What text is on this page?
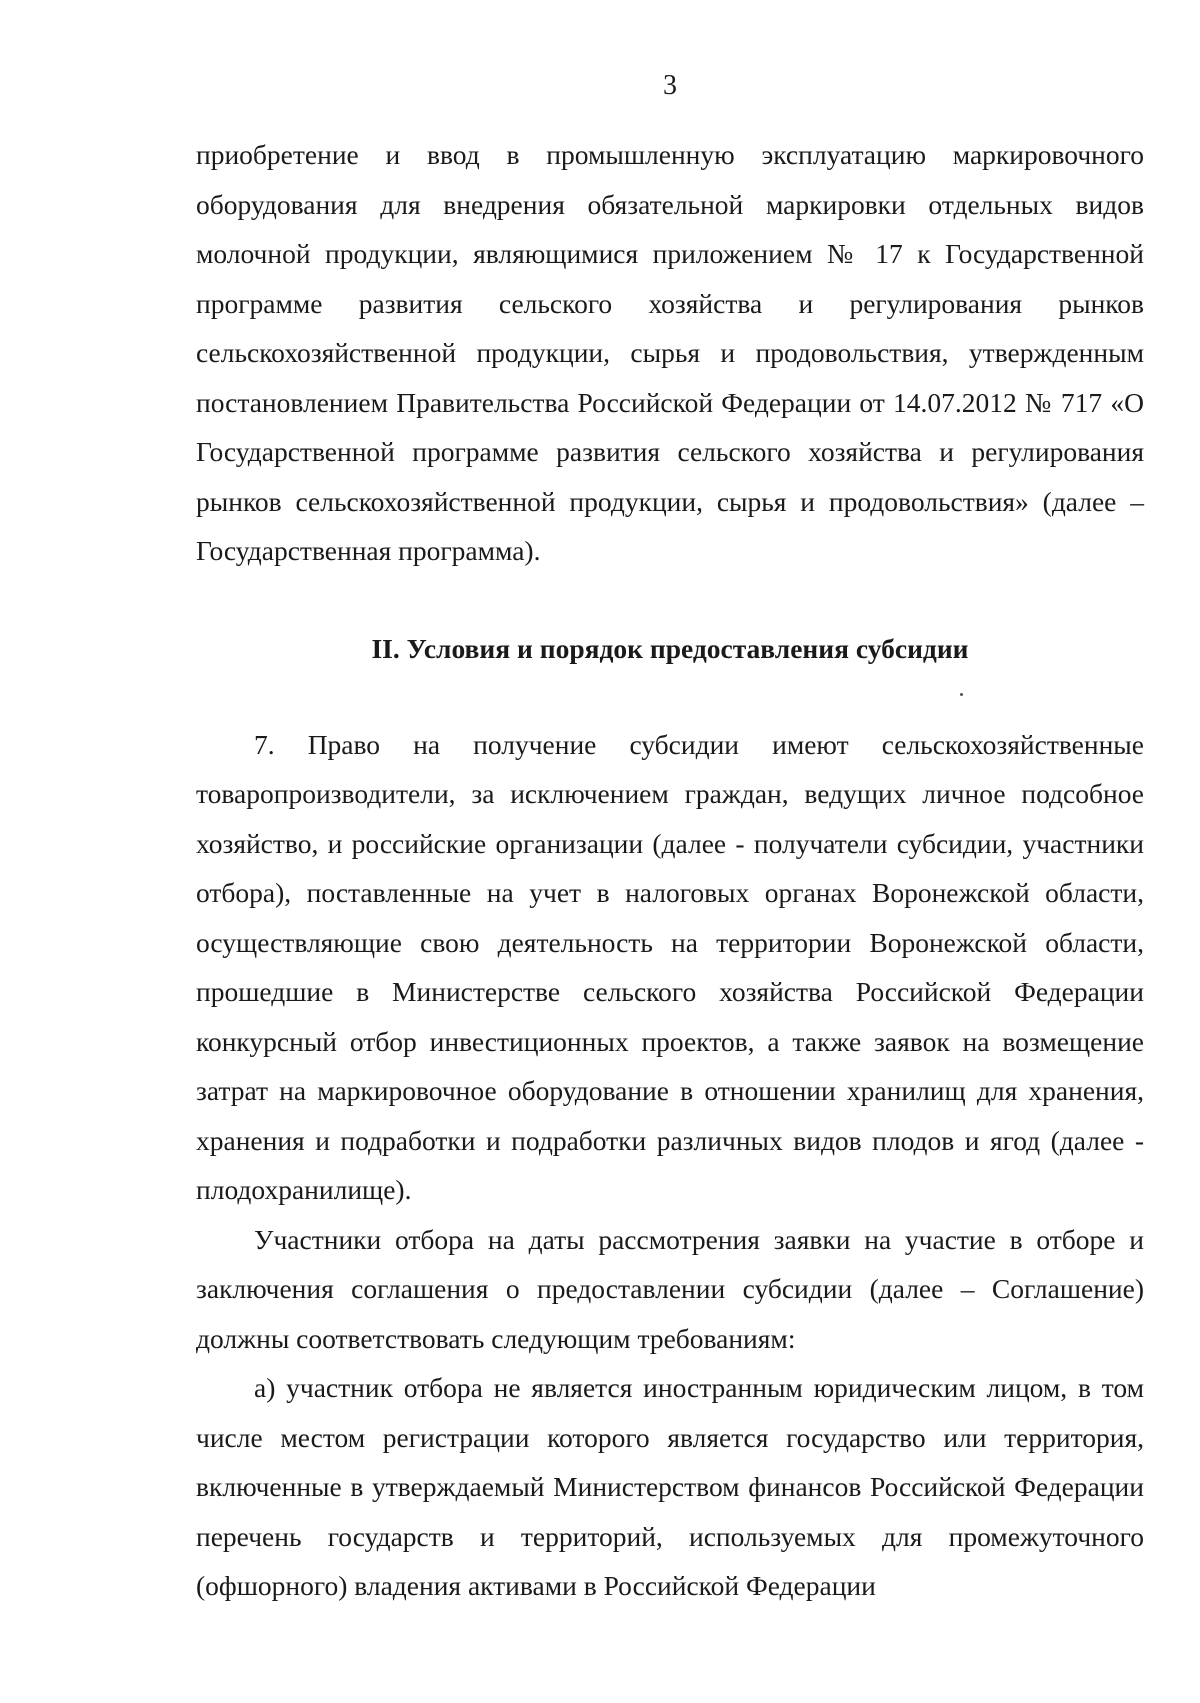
3

приобретение и ввод в промышленную эксплуатацию маркировочного оборудования для внедрения обязательной маркировки отдельных видов молочной продукции, являющимися приложением № 17 к Государственной программе развития сельского хозяйства и регулирования рынков сельскохозяйственной продукции, сырья и продовольствия, утвержденным постановлением Правительства Российской Федерации от 14.07.2012 № 717 «О Государственной программе развития сельского хозяйства и регулирования рынков сельскохозяйственной продукции, сырья и продовольствия» (далее – Государственная программа).

II. Условия и порядок предоставления субсидии

7. Право на получение субсидии имеют сельскохозяйственные товаропроизводители, за исключением граждан, ведущих личное подсобное хозяйство, и российские организации (далее - получатели субсидии, участники отбора), поставленные на учет в налоговых органах Воронежской области, осуществляющие свою деятельность на территории Воронежской области, прошедшие в Министерстве сельского хозяйства Российской Федерации конкурсный отбор инвестиционных проектов, а также заявок на возмещение затрат на маркировочное оборудование в отношении хранилищ для хранения, хранения и подработки и подработки различных видов плодов и ягод (далее - плодохранилище).

Участники отбора на даты рассмотрения заявки на участие в отборе и заключения соглашения о предоставлении субсидии (далее – Соглашение) должны соответствовать следующим требованиям:

а) участник отбора не является иностранным юридическим лицом, в том числе местом регистрации которого является государство или территория, включенные в утверждаемый Министерством финансов Российской Федерации перечень государств и территорий, используемых для промежуточного (офшорного) владения активами в Российской Федерации
